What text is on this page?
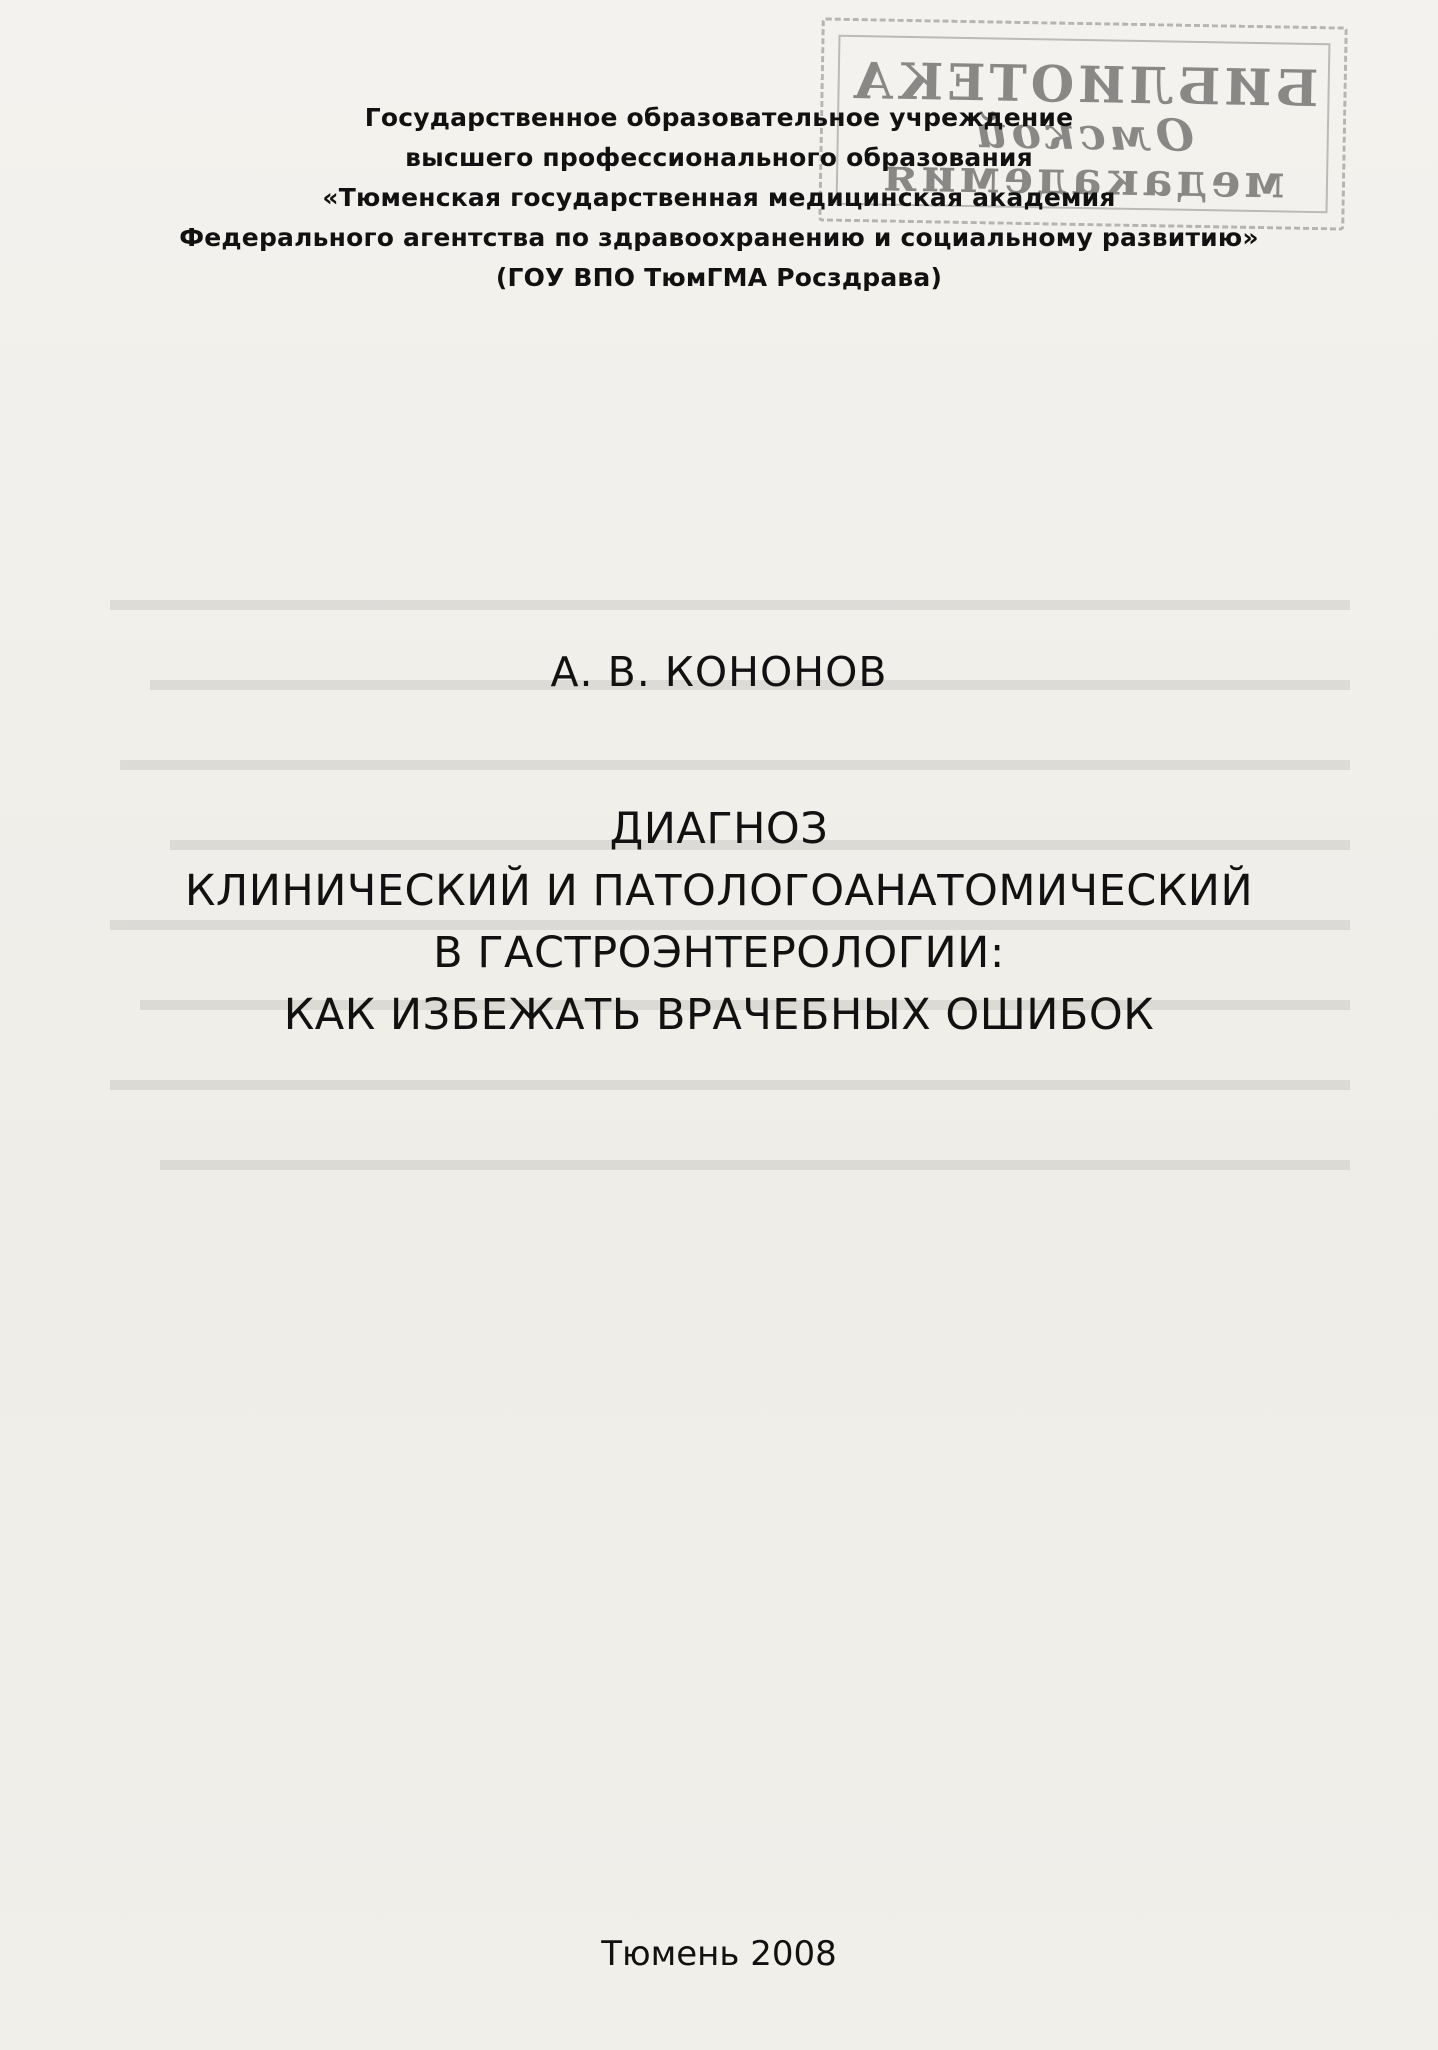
БИБЛИОТЕКА
Омской
медакадемия
Государственное образовательное учреждение
высшего профессионального образования
«Тюменская государственная медицинская академия
Федерального агентства по здравоохранению и социальному развитию»
(ГОУ ВПО ТюмГМА Росздрава)
А. В. КОНОНОВ
ДИАГНОЗ
КЛИНИЧЕСКИЙ И ПАТОЛОГОАНАТОМИЧЕСКИЙ
В ГАСТРОЭНТЕРОЛОГИИ:
КАК ИЗБЕЖАТЬ ВРАЧЕБНЫХ ОШИБОК
Тюмень 2008
